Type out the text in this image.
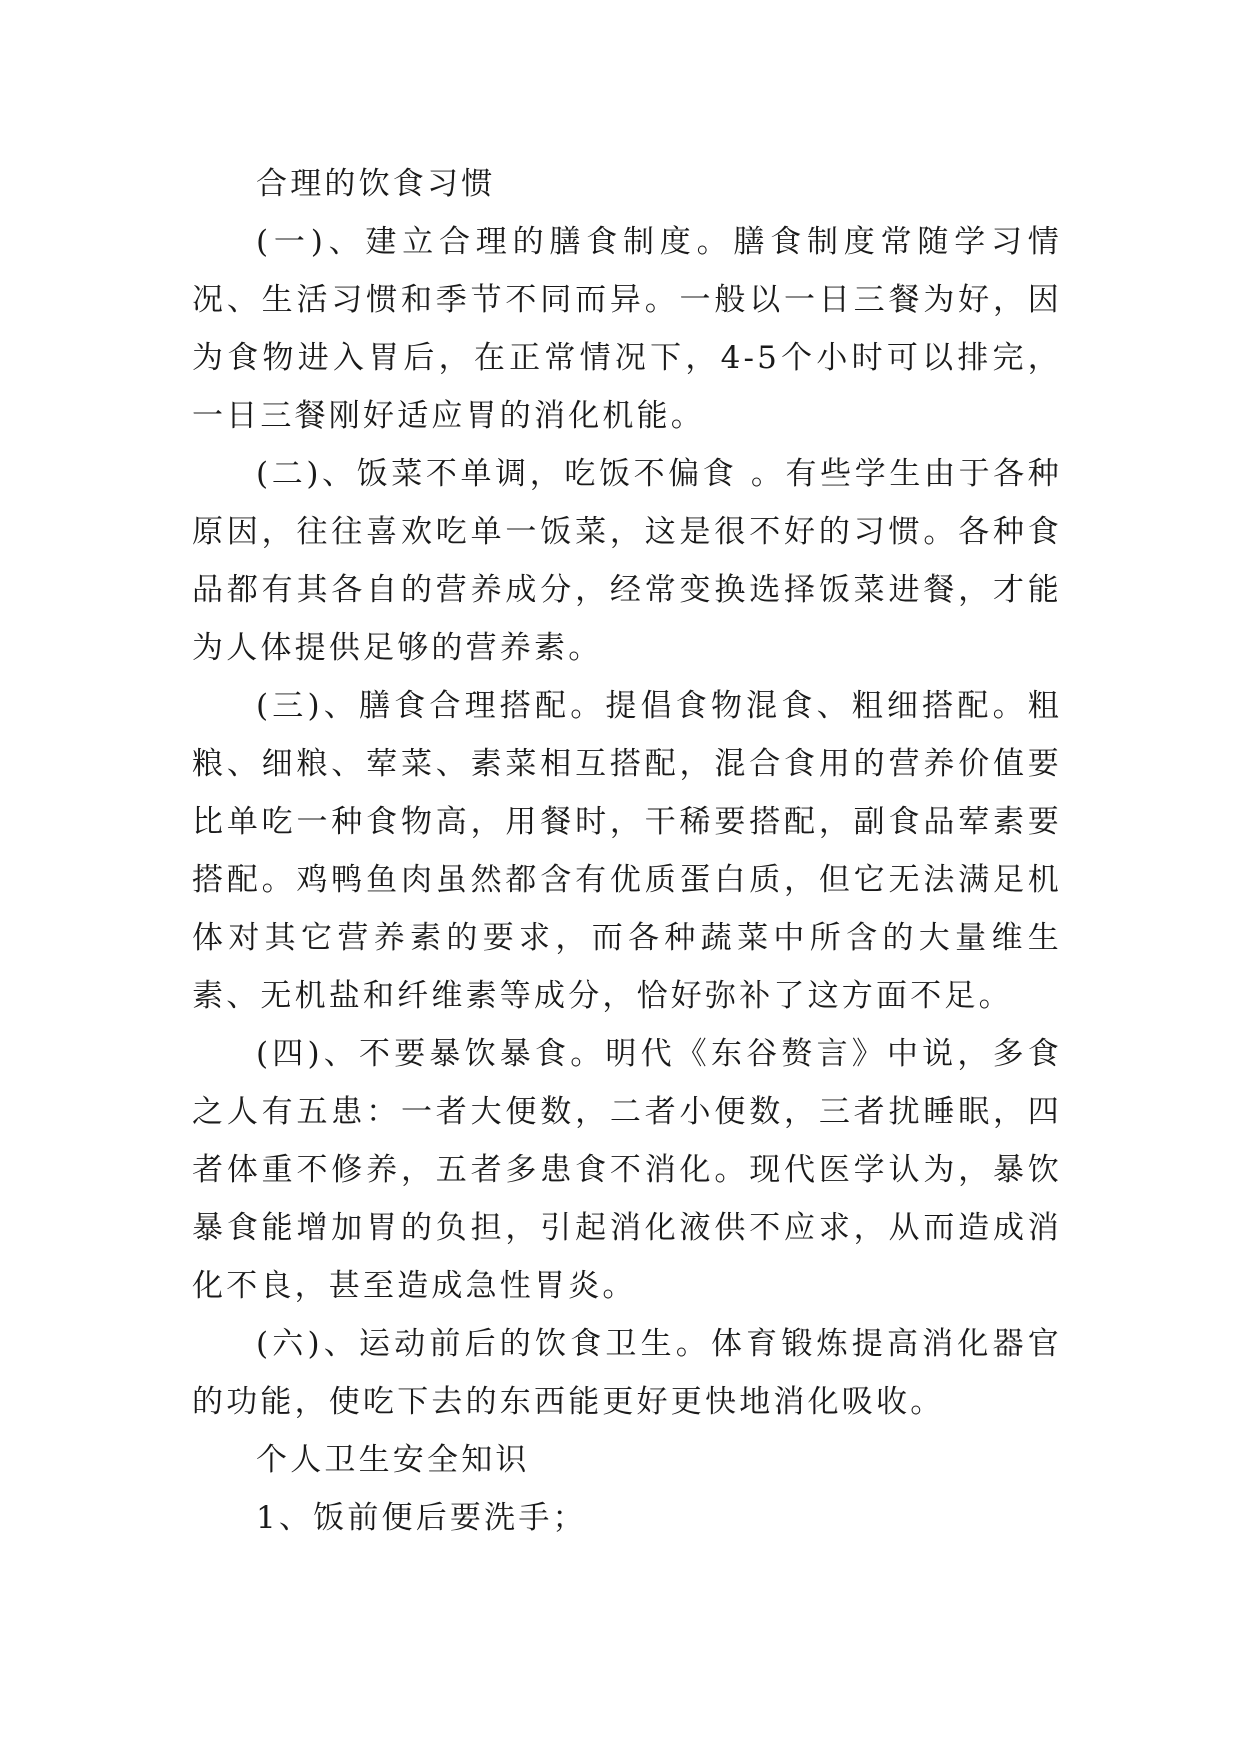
合理的饮食习惯

(一)、建立合理的膳食制度。膳食制度常随学习情况、生活习惯和季节不同而异。一般以一日三餐为好，因为食物进入胃后，在正常情况下，4-5个小时可以排完，一日三餐刚好适应胃的消化机能。

(二)、饭菜不单调，吃饭不偏食 。有些学生由于各种原因，往往喜欢吃单一饭菜，这是很不好的习惯。各种食品都有其各自的营养成分，经常变换选择饭菜进餐，才能为人体提供足够的营养素。

(三)、膳食合理搭配。提倡食物混食、粗细搭配。粗粮、细粮、荤菜、素菜相互搭配，混合食用的营养价值要比单吃一种食物高，用餐时，干稀要搭配，副食品荤素要搭配。鸡鸭鱼肉虽然都含有优质蛋白质，但它无法满足机体对其它营养素的要求，而各种蔬菜中所含的大量维生素、无机盐和纤维素等成分，恰好弥补了这方面不足。

(四)、不要暴饮暴食。明代《东谷赘言》中说，多食之人有五患：一者大便数，二者小便数，三者扰睡眠，四者体重不修养，五者多患食不消化。现代医学认为，暴饮暴食能增加胃的负担，引起消化液供不应求，从而造成消化不良，甚至造成急性胃炎。

(六)、运动前后的饮食卫生。体育锻炼提高消化器官的功能，使吃下去的东西能更好更快地消化吸收。

个人卫生安全知识

1、饭前便后要洗手；
